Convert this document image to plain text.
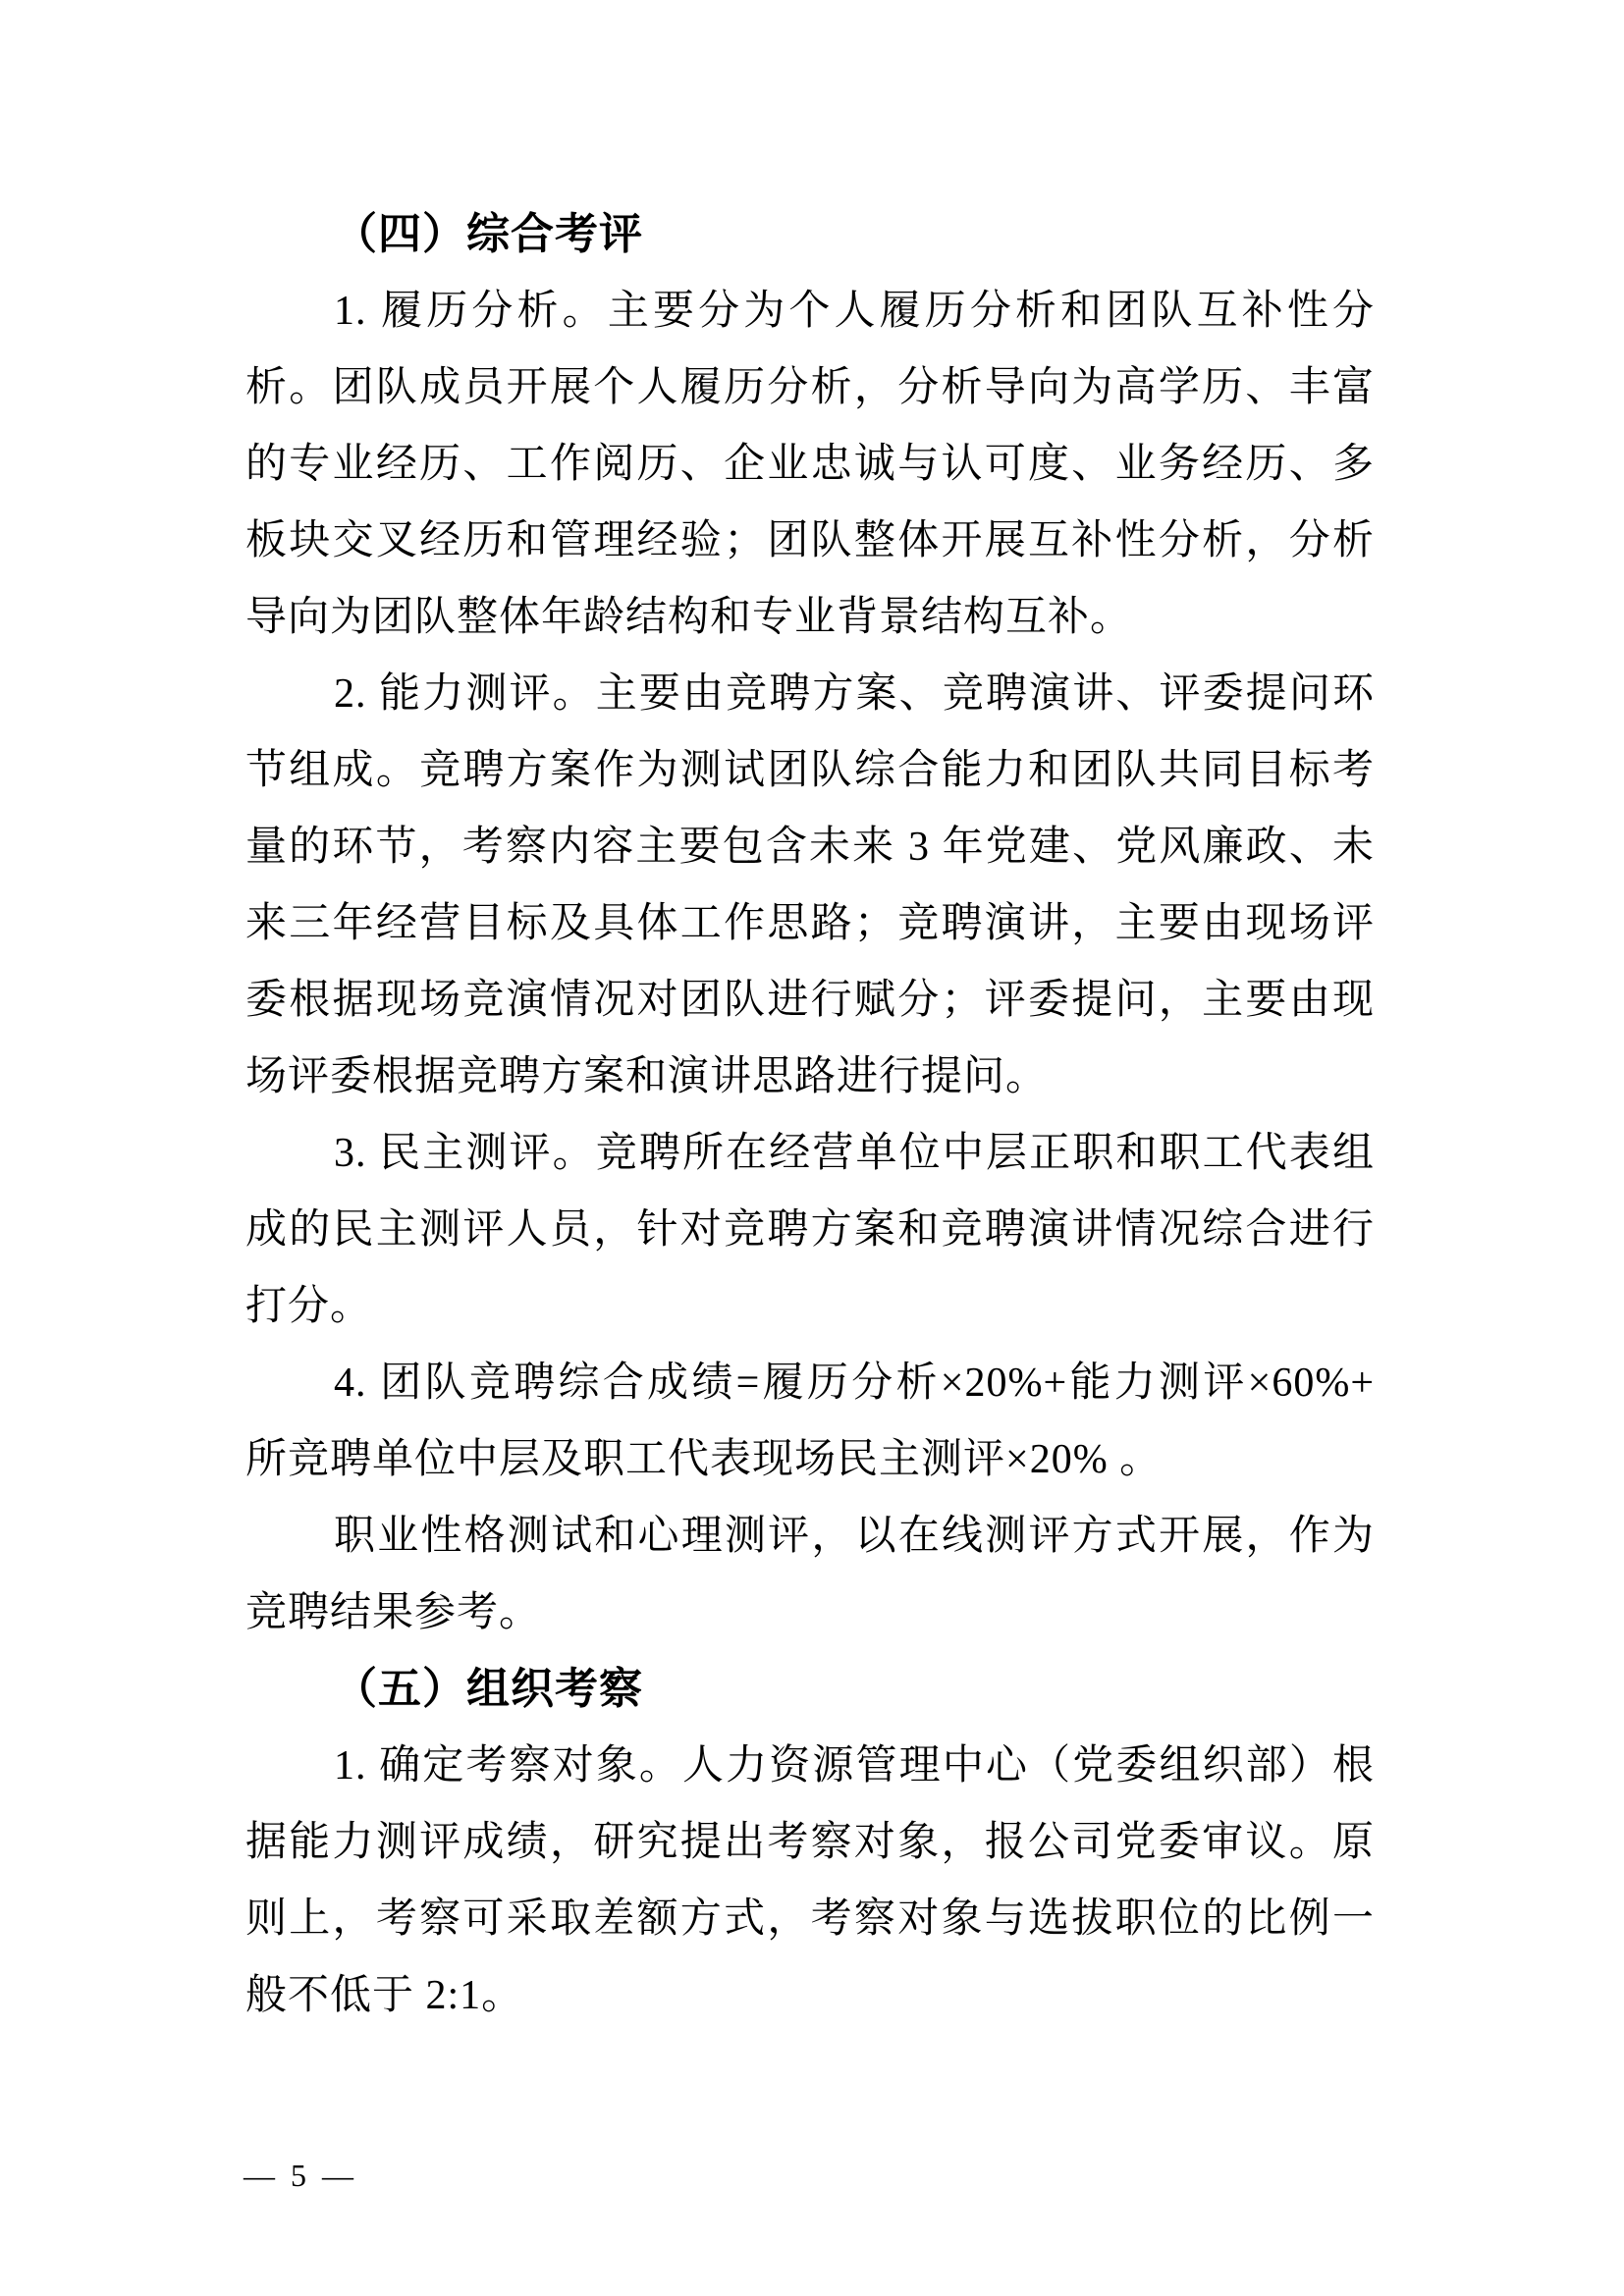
（四）综合考评
1. 履历分析。主要分为个人履历分析和团队互补性分
析。团队成员开展个人履历分析，分析导向为高学历、丰富
的专业经历、工作阅历、企业忠诚与认可度、业务经历、多
板块交叉经历和管理经验；团队整体开展互补性分析，分析
导向为团队整体年龄结构和专业背景结构互补。
2. 能力测评。主要由竞聘方案、竞聘演讲、评委提问环
节组成。竞聘方案作为测试团队综合能力和团队共同目标考
量的环节，考察内容主要包含未来 3 年党建、党风廉政、未
来三年经营目标及具体工作思路；竞聘演讲，主要由现场评
委根据现场竞演情况对团队进行赋分；评委提问，主要由现
场评委根据竞聘方案和演讲思路进行提问。
3. 民主测评。竞聘所在经营单位中层正职和职工代表组
成的民主测评人员，针对竞聘方案和竞聘演讲情况综合进行
打分。
4. 团队竞聘综合成绩=履历分析×20%+能力测评×60%+
所竞聘单位中层及职工代表现场民主测评×20% 。
职业性格测试和心理测评，以在线测评方式开展，作为
竞聘结果参考。
（五）组织考察
1. 确定考察对象。人力资源管理中心（党委组织部）根
据能力测评成绩，研究提出考察对象，报公司党委审议。原
则上，考察可采取差额方式，考察对象与选拔职位的比例一
般不低于 2:1。
— 5 —
